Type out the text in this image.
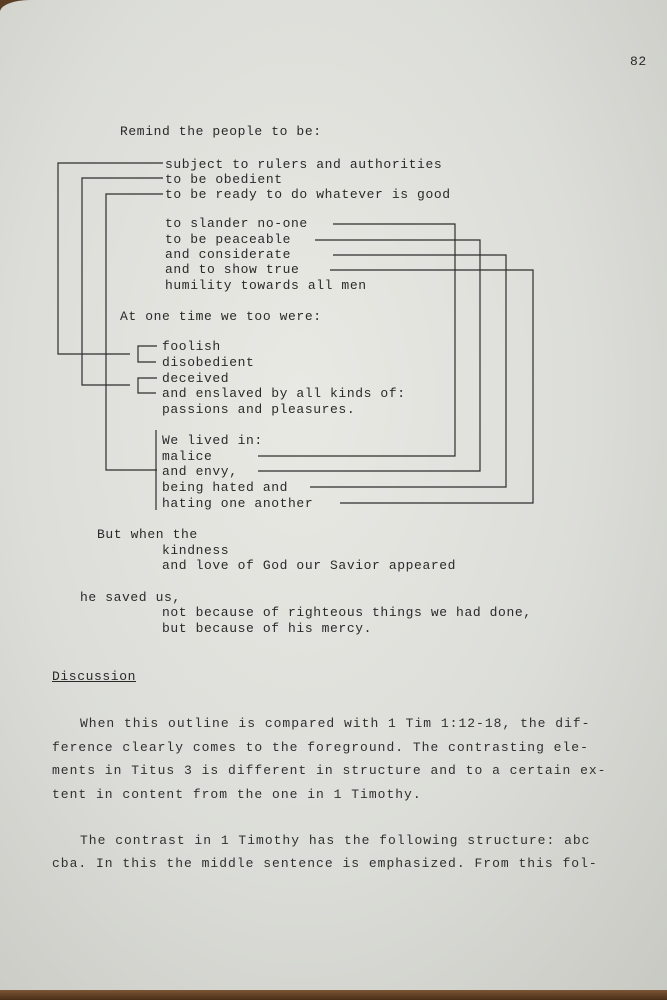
82
Remind the people to be:
subject to rulers and authorities
to be obedient
to be ready to do whatever is good
to slander no-one
to be peaceable
and considerate
and to show true
humility towards all men
At one time we too were:
foolish
disobedient
deceived
and enslaved by all kinds of:
passions and pleasures.
We lived in:
malice
and envy,
being hated and
hating one another
But when the
kindness
and love of God our Savior appeared
he saved us,
not because of righteous things we had done,
but because of his mercy.
Discussion
When this outline is compared with 1 Tim 1:12-18, the dif-
ference clearly comes to the foreground. The contrasting ele-
ments in Titus 3 is different in structure and to a certain ex-
tent in content from the one in 1 Timothy.
The contrast in 1 Timothy has the following structure: abc
cba. In this the middle sentence is emphasized. From this fol-
